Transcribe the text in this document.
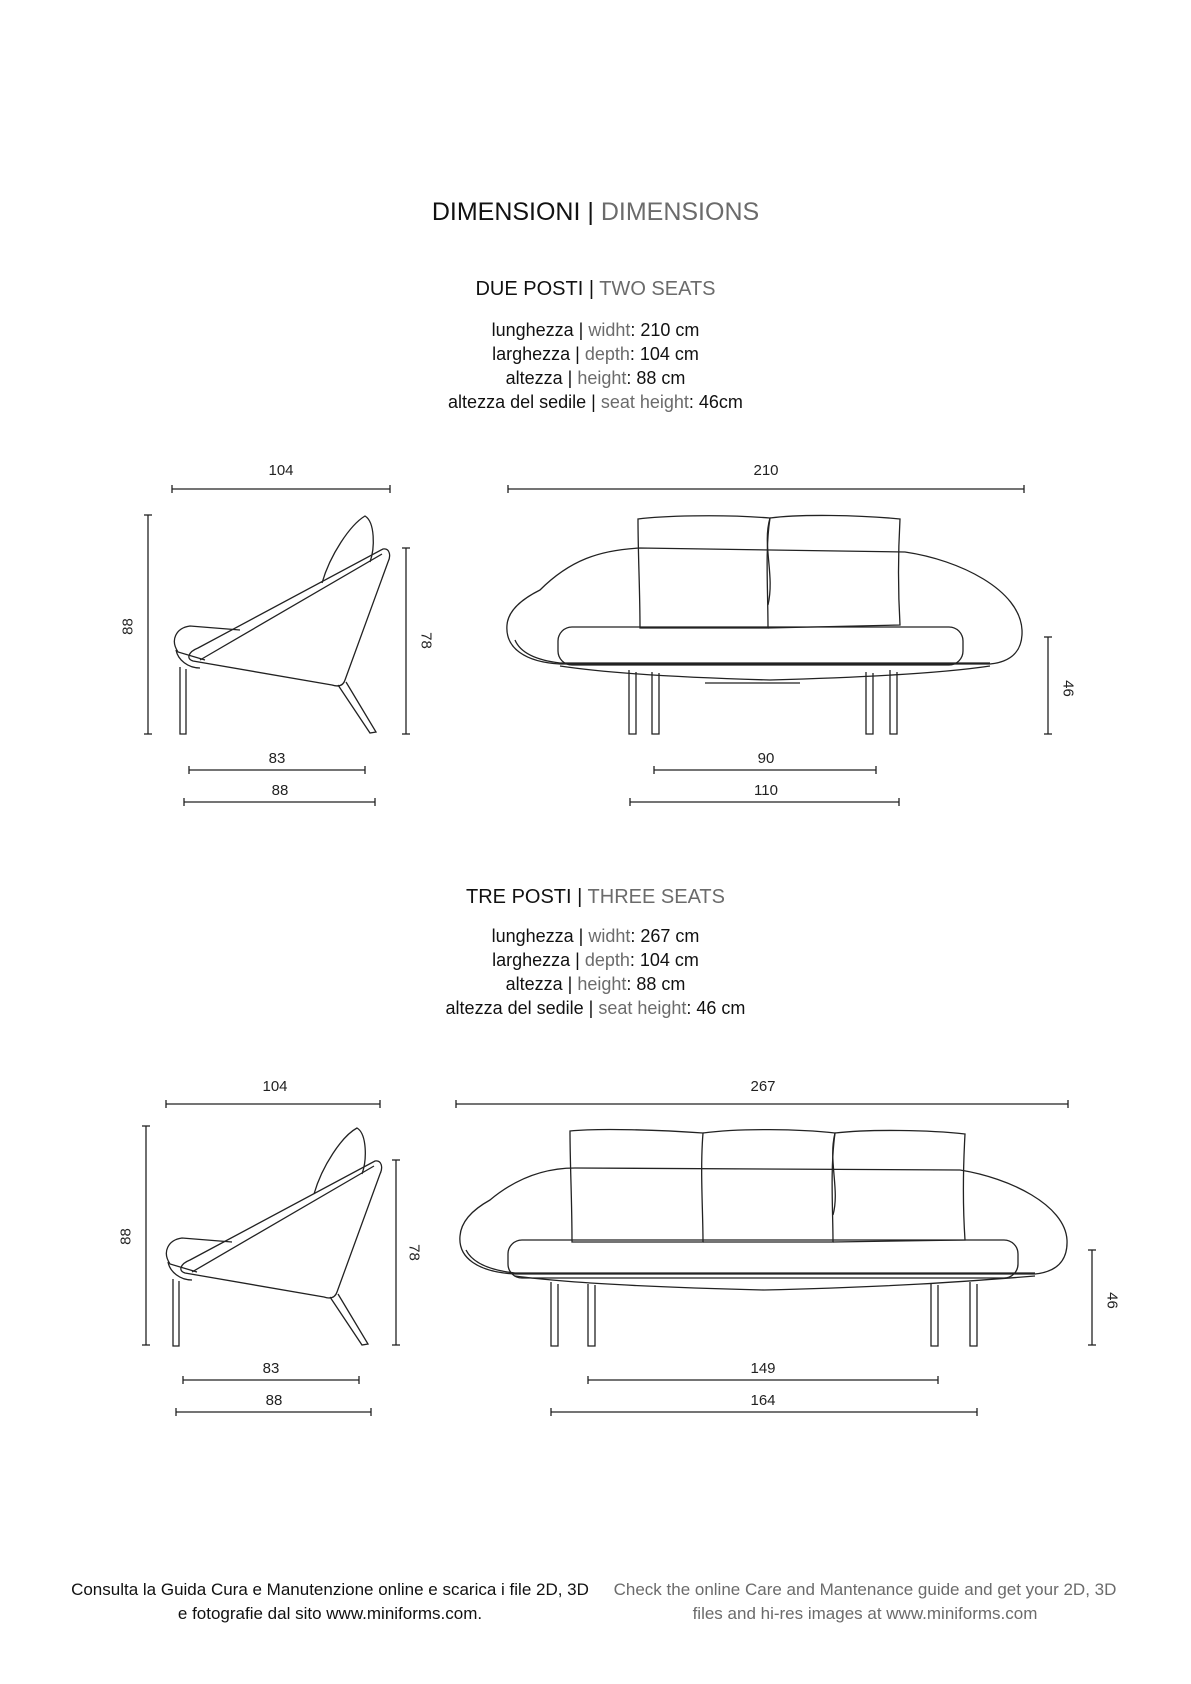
DIMENSIONI | DIMENSIONS
DUE POSTI | TWO SEATS
lunghezza | widht: 210 cm
larghezza | depth: 104 cm
altezza | height: 88 cm
altezza del sedile | seat height: 46cm
TRE POSTI | THREE SEATS
lunghezza | widht: 267 cm
larghezza | depth: 104 cm
altezza | height: 88 cm
altezza del sedile | seat height: 46 cm
104
88
78
83
88
210
46
90
110
104
88
78
83
88
267
46
149
164
Consulta la Guida Cura e Manutenzione online e scarica i file 2D, 3D e fotografie dal sito www.miniforms.com.
Check the online Care and Mantenance guide and get your 2D, 3D files and hi-res images at www.miniforms.com
